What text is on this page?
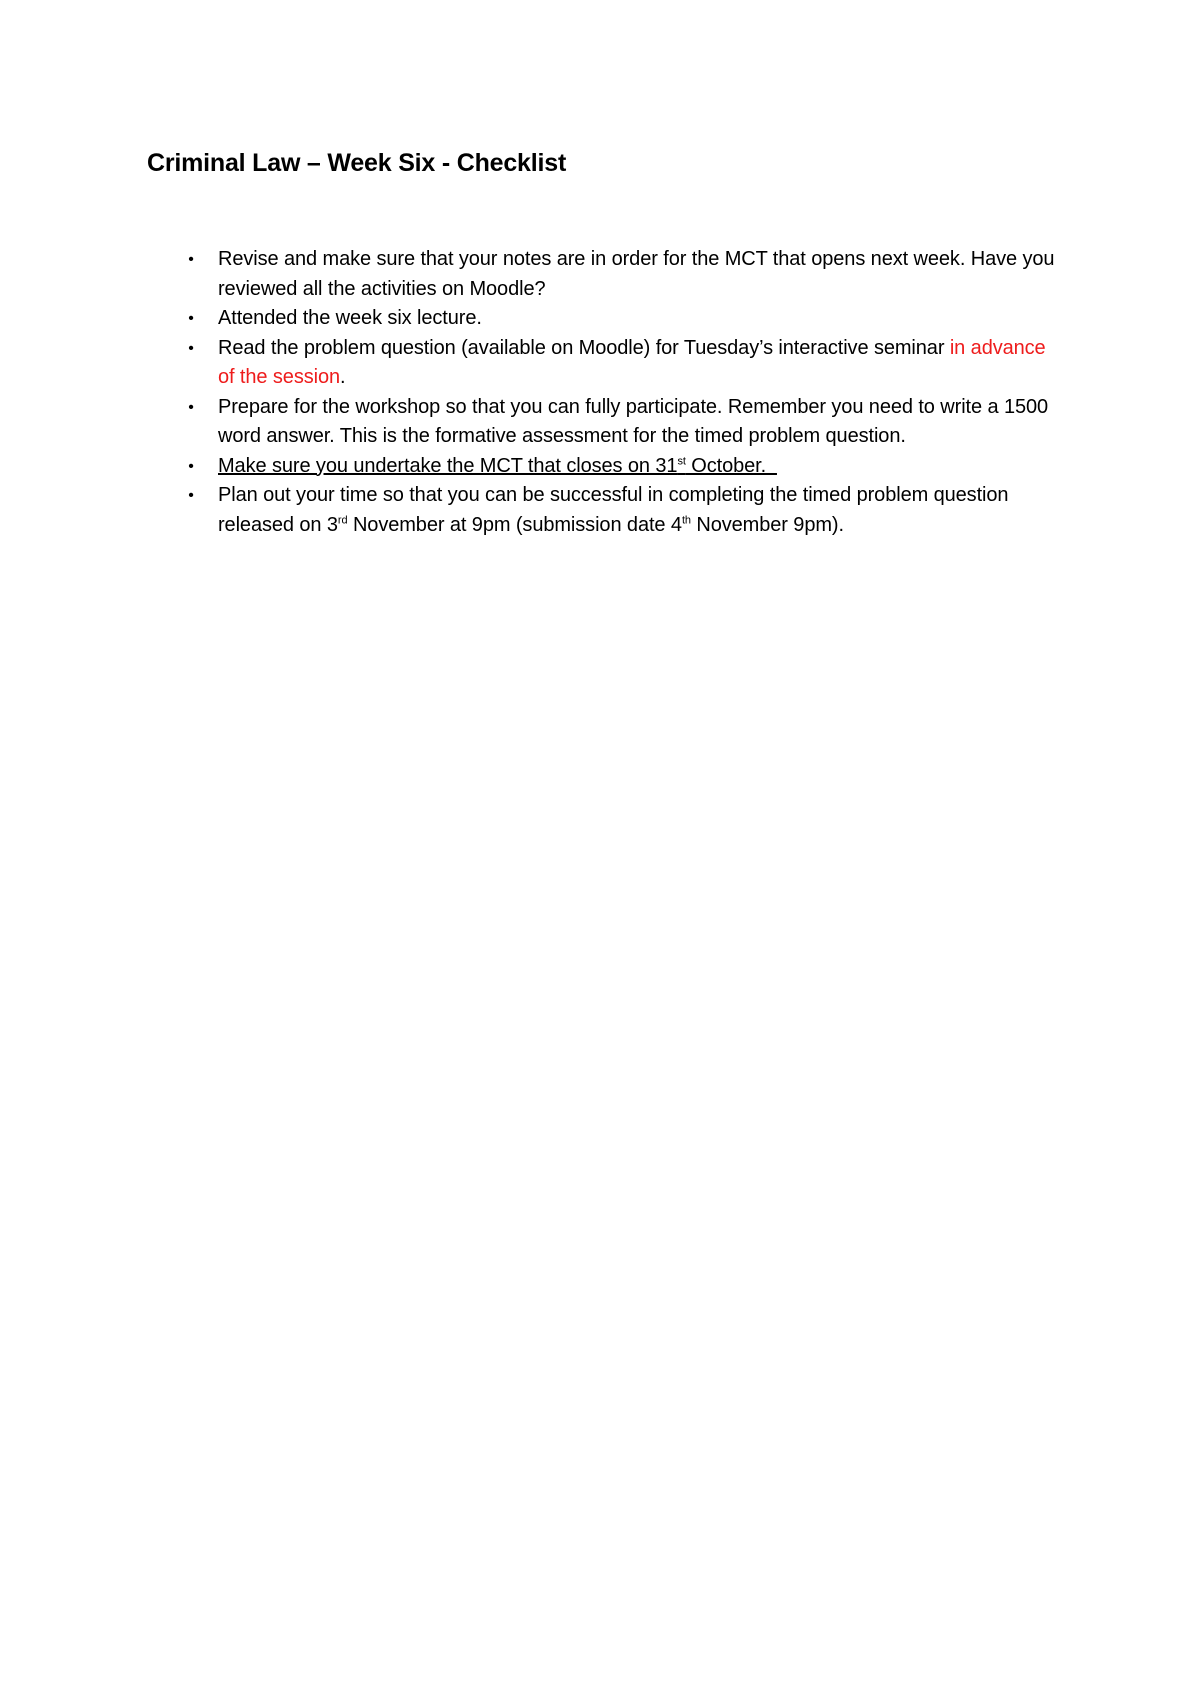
Criminal Law – Week Six - Checklist
• Revise and make sure that your notes are in order for the MCT that opens next week. Have you reviewed all the activities on Moodle?
• Attended the week six lecture.
• Read the problem question (available on Moodle) for Tuesday’s interactive seminar in advance of the session.
• Prepare for the workshop so that you can fully participate. Remember you need to write a 1500 word answer. This is the formative assessment for the timed problem question.
• Make sure you undertake the MCT that closes on 31st October.
• Plan out your time so that you can be successful in completing the timed problem question released on 3rd November at 9pm (submission date 4th November 9pm).
